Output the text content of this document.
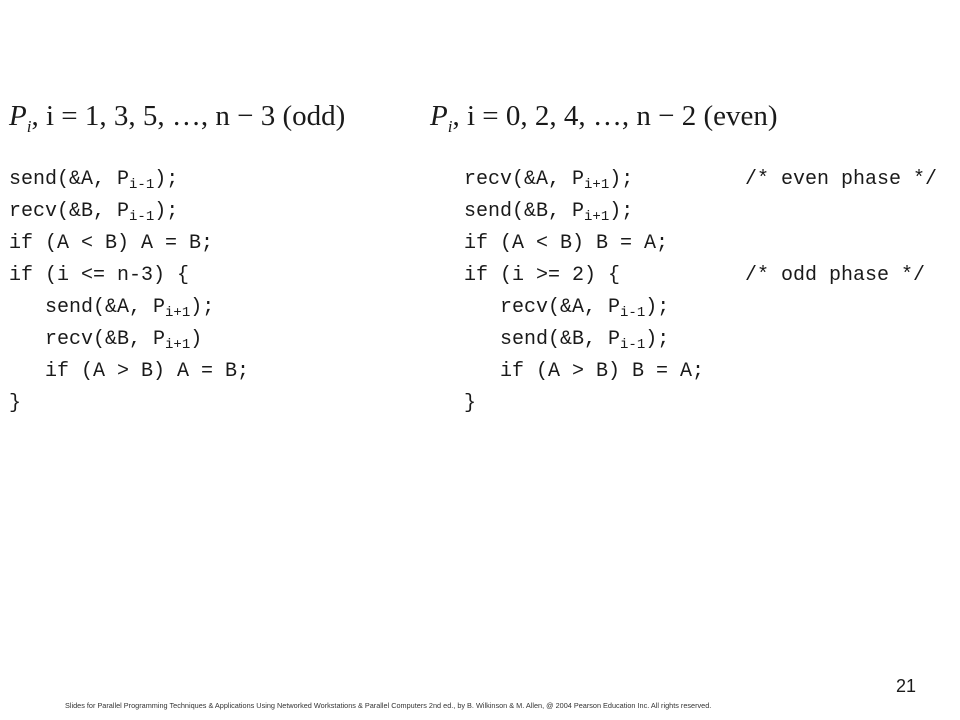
$P_i$, i = 1, 3, 5, …, n − 3 (odd)	$P_i$, i = 0, 2, 4, …, n − 2 (even)
send(&A, $P_{i-1}$);
recv(&B, $P_{i-1}$);
if (A < B) A = B;
if (i <= n-3) {
send(&A, $P_{i+1}$);
recv(&B, $P_{i+1}$)
if (A > B) A = B;
}
recv(&A, $P_{i+1}$);
send(&B, $P_{i+1}$);
if (A < B) B = A;
if (i >= 2) {
recv(&A, $P_{i-1}$);
send(&B, $P_{i-1}$);
if (A > B) B = A;
}
/* even phase */
/* odd phase */
21
Slides for Parallel Programming Techniques & Applications Using Networked Workstations & Parallel Computers 2nd ed., by B. Wilkinson & M. Allen, @ 2004 Pearson Education Inc. All rights reserved.
